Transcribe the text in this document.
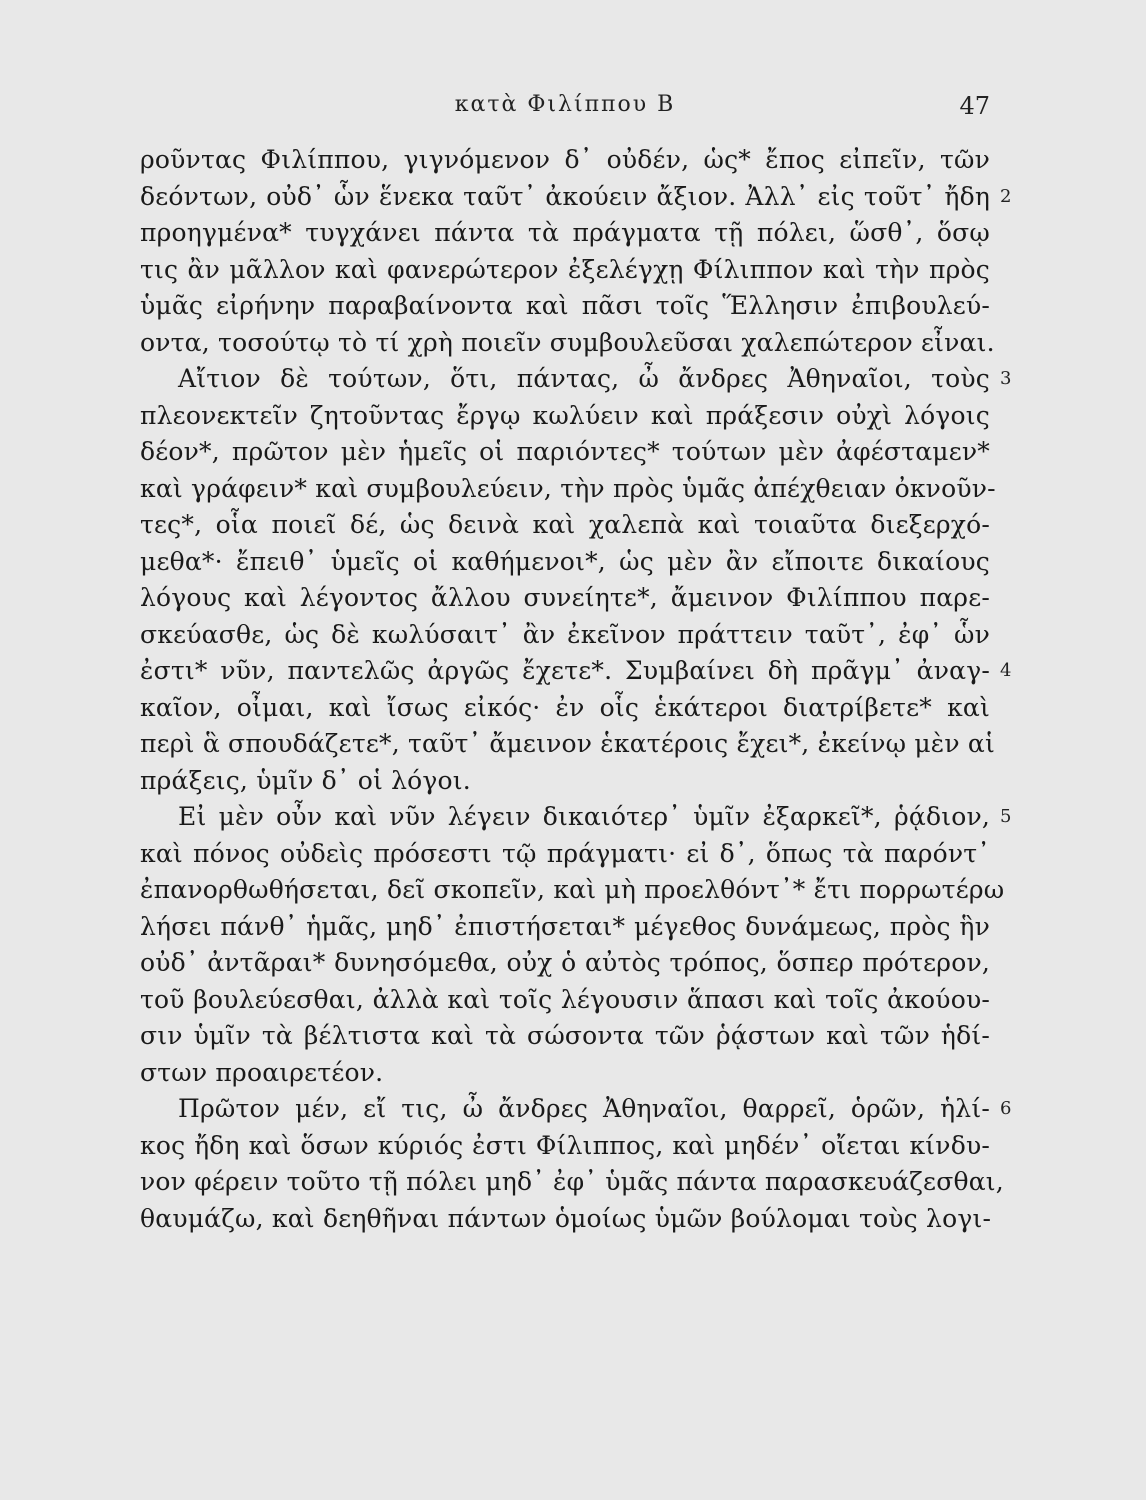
κατὰ Φιλίππου Β	47
ροῦντας Φιλίππου, γιγνόμενον δ᾽ οὐδέν, ὡς* ἔπος εἰπεῖν, τῶν
δεόντων, οὐδ᾽ ὧν ἕνεκα ταῦτ᾽ ἀκούειν ἄξιον. Ἀλλ᾽ εἰς τοῦτ᾽ ἤδη 2
προηγμένα* τυγχάνει πάντα τὰ πράγματα τῇ πόλει, ὥσθ᾽, ὅσῳ
τις ἂν μᾶλλον καὶ φανερώτερον ἐξελέγχῃ Φίλιππον καὶ τὴν πρὸς
ὑμᾶς εἰρήνην παραβαίνοντα καὶ πᾶσι τοῖς Ἕλλησιν ἐπιβουλεύ-
οντα, τοσούτῳ τὸ τί χρὴ ποιεῖν συμβουλεῦσαι χαλεπώτερον εἶναι.
Αἴτιον δὲ τούτων, ὅτι, πάντας, ὦ ἄνδρες Ἀθηναῖοι, τοὺς 3
πλεονεκτεῖν ζητοῦντας ἔργῳ κωλύειν καὶ πράξεσιν οὐχὶ λόγοις
δέον*, πρῶτον μὲν ἡμεῖς οἱ παριόντες* τούτων μὲν ἀφέσταμεν*
καὶ γράφειν* καὶ συμβουλεύειν, τὴν πρὸς ὑμᾶς ἀπέχθειαν ὀκνοῦν-
τες*, οἷα ποιεῖ δέ, ὡς δεινὰ καὶ χαλεπὰ καὶ τοιαῦτα διεξερχό-
μεθα*· ἔπειθ᾽ ὑμεῖς οἱ καθήμενοι*, ὡς μὲν ἂν εἴποιτε δικαίους
λόγους καὶ λέγοντος ἄλλου συνείητε*, ἄμεινον Φιλίππου παρε-
σκεύασθε, ὡς δὲ κωλύσαιτ᾽ ἂν ἐκεῖνον πράττειν ταῦτ᾽, ἐφ᾽ ὧν
ἐστι* νῦν, παντελῶς ἀργῶς ἔχετε*. Συμβαίνει δὴ πρᾶγμ᾽ ἀναγ- 4
καῖον, οἶμαι, καὶ ἴσως εἰκός· ἐν οἷς ἑκάτεροι διατρίβετε* καὶ
περὶ ἃ σπουδάζετε*, ταῦτ᾽ ἄμεινον ἑκατέροις ἔχει*, ἐκείνῳ μὲν αἱ
πράξεις, ὑμῖν δ᾽ οἱ λόγοι.
Εἰ μὲν οὖν καὶ νῦν λέγειν δικαιότερ᾽ ὑμῖν ἐξαρκεῖ*, ῥᾴδιον, 5
καὶ πόνος οὐδεὶς πρόσεστι τῷ πράγματι· εἰ δ᾽, ὅπως τὰ παρόντ᾽
ἐπανορθωθήσεται, δεῖ σκοπεῖν, καὶ μὴ προελθόντ᾽* ἔτι πορρωτέρω
λήσει πάνθ᾽ ἡμᾶς, μηδ᾽ ἐπιστήσεται* μέγεθος δυνάμεως, πρὸς ἣν
οὐδ᾽ ἀντᾶραι* δυνησόμεθα, οὐχ ὁ αὐτὸς τρόπος, ὅσπερ πρότερον,
τοῦ βουλεύεσθαι, ἀλλὰ καὶ τοῖς λέγουσιν ἅπασι καὶ τοῖς ἀκούου-
σιν ὑμῖν τὰ βέλτιστα καὶ τὰ σώσοντα τῶν ῥᾴστων καὶ τῶν ἡδί-
στων προαιρετέον.
Πρῶτον μέν, εἴ τις, ὦ ἄνδρες Ἀθηναῖοι, θαρρεῖ, ὁρῶν, ἡλί- 6
κος ἤδη καὶ ὅσων κύριός ἐστι Φίλιππος, καὶ μηδέν᾽ οἴεται κίνδυ-
νον φέρειν τοῦτο τῇ πόλει μηδ᾽ ἐφ᾽ ὑμᾶς πάντα παρασκευάζεσθαι,
θαυμάζω, καὶ δεηθῆναι πάντων ὁμοίως ὑμῶν βούλομαι τοὺς λογι-
